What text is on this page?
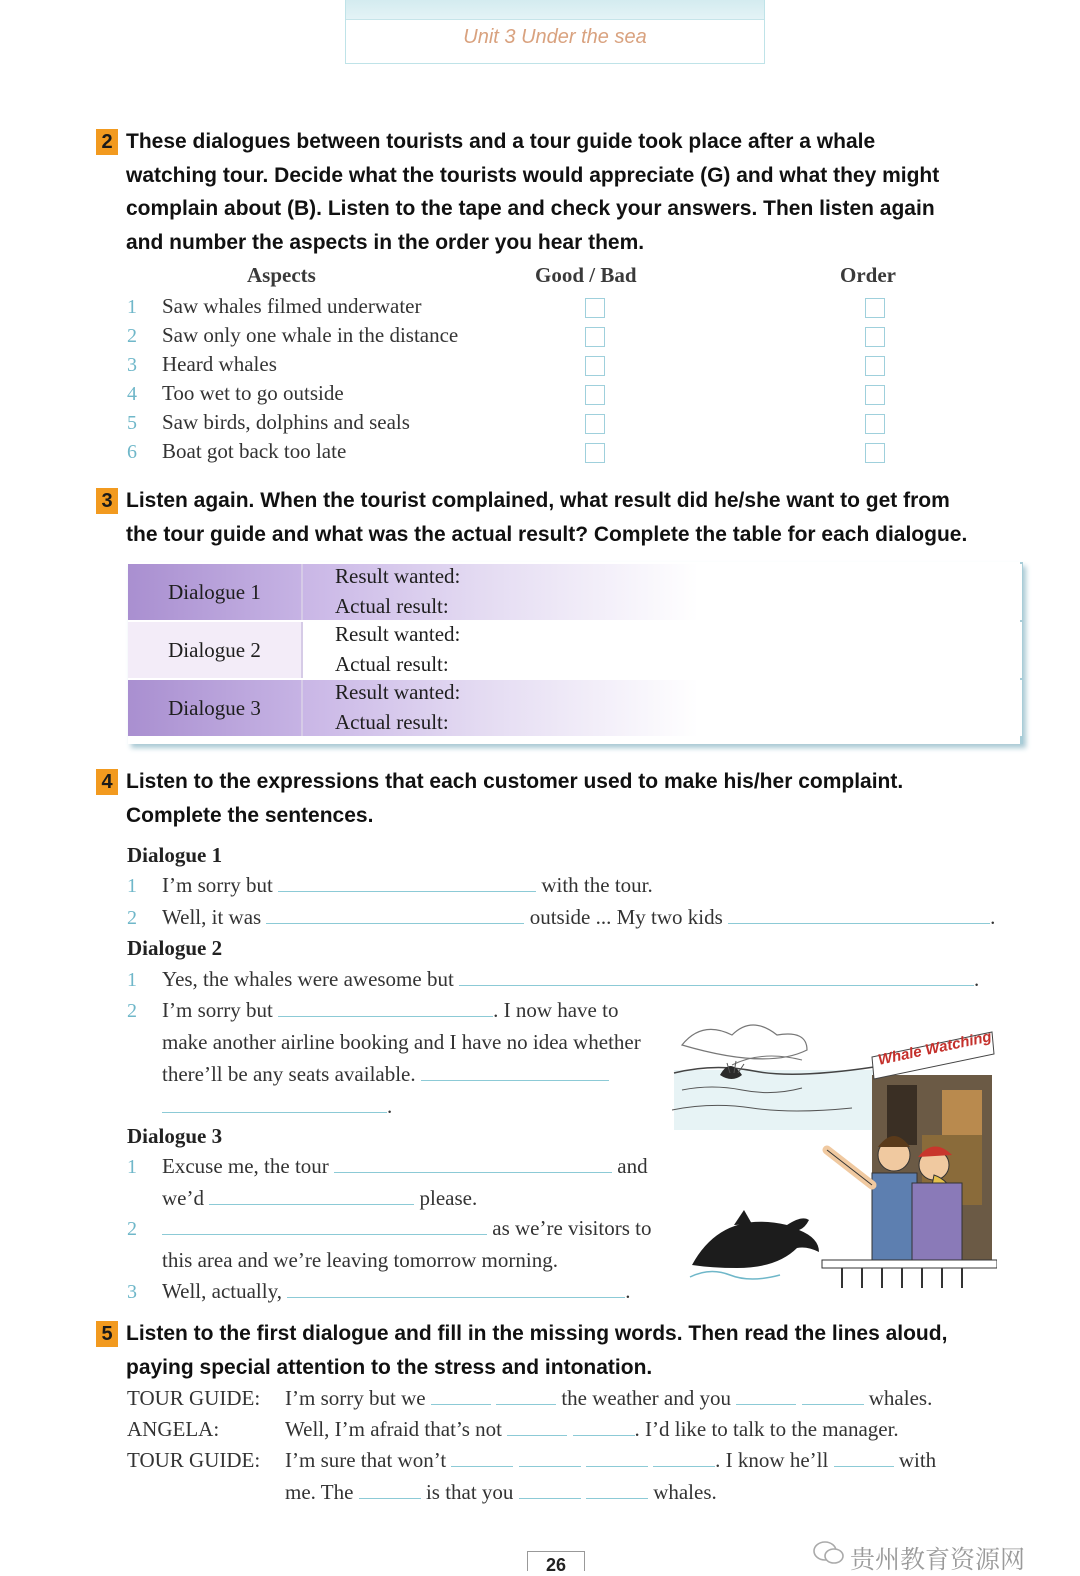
Unit 3 Under the sea
2 These dialogues between tourists and a tour guide took place after a whale
watching tour. Decide what the tourists would appreciate (G) and what they might
complain about (B). Listen to the tape and check your answers. Then listen again
and number the aspects in the order you hear them.
Aspects	Good / Bad	Order
1 Saw whales filmed underwater
2 Saw only one whale in the distance
3 Heard whales
4 Too wet to go outside
5 Saw birds, dolphins and seals
6 Boat got back too late
3 Listen again. When the tourist complained, what result did he/she want to get from
the tour guide and what was the actual result? Complete the table for each dialogue.
Dialogue 1
Result wanted:
Actual result:
Dialogue 2
Result wanted:
Actual result:
Dialogue 3
Result wanted:
Actual result:
4 Listen to the expressions that each customer used to make his/her complaint.
Complete the sentences.
Dialogue 1
1 I’m sorry but	with the tour.
2 Well, it was	outside ... My two kids	.
Dialogue 2
1 Yes, the whales were awesome but	.
2 I’m sorry but	. I now have to
make another airline booking and I have no idea whether
there’ll be any seats available.
.
Dialogue 3
1 Excuse me, the tour	and
we’d	please.
2	as we’re visitors to
this area and we’re leaving tomorrow morning.
3 Well, actually,	.
Whale Watching
5 Listen to the first dialogue and fill in the missing words. Then read the lines aloud,
paying special attention to the stress and intonation.
TOUR GUIDE: I’m sorry but we	the weather and you	whales.
ANGELA:	Well, I’m afraid that’s not	. I’d like to talk to the manager.
TOUR GUIDE: I’m sure that won’t	. I know he’ll	with
me. The	is that you	whales.
26	贵州教育资源网
